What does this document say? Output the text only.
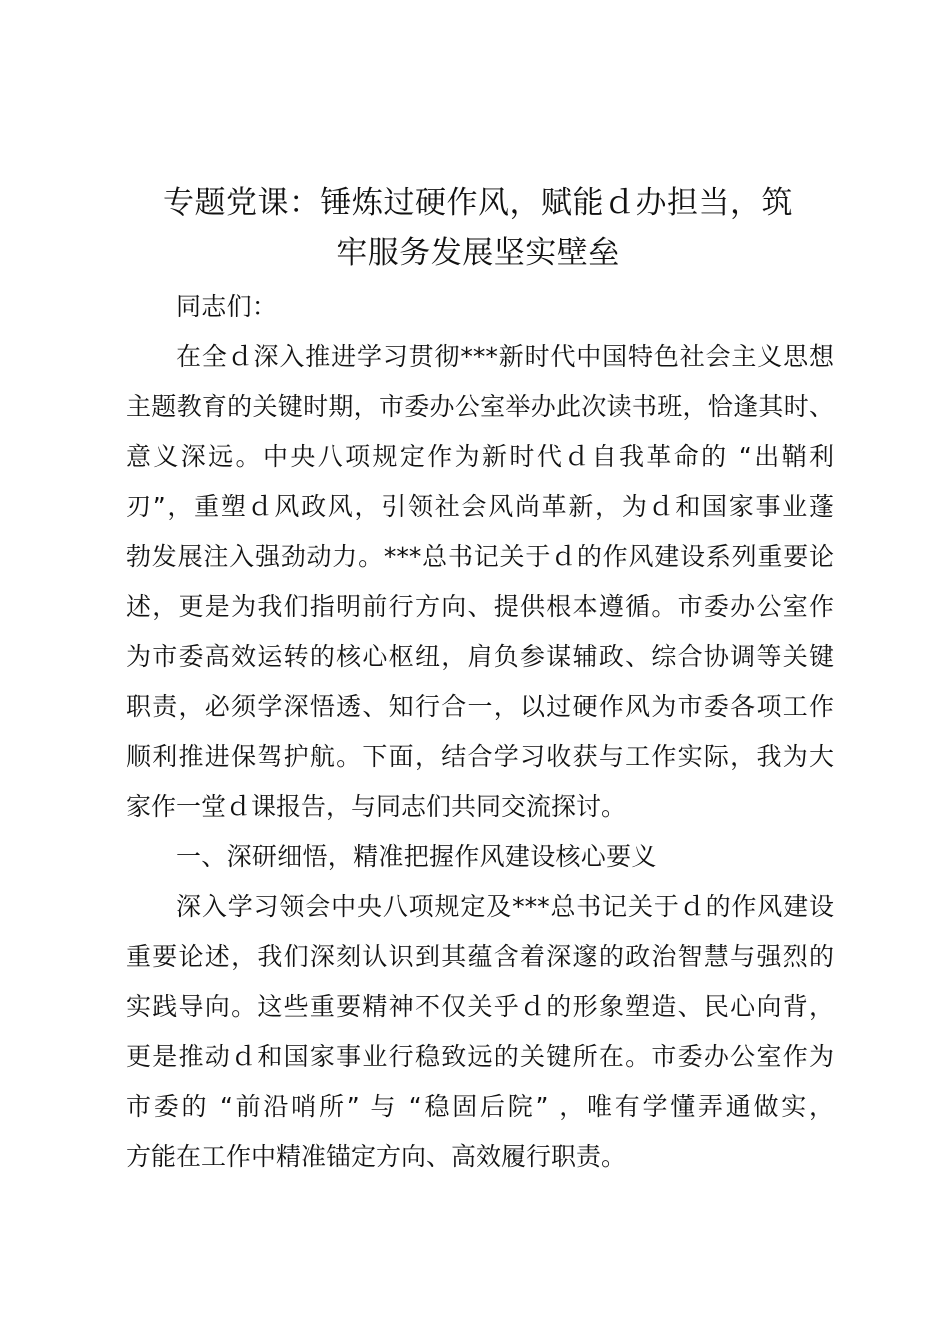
专题党课：锤炼过硬作风，赋能ｄ办担当，筑
牢服务发展坚实壁垒

同志们：

在全ｄ深入推进学习贯彻***新时代中国特色社会主义思想
主题教育的关键时期，市委办公室举办此次读书班，恰逢其时、
意义深远。中央八项规定作为新时代ｄ自我革命的 “出鞘利
刃”，重塑ｄ风政风，引领社会风尚革新，为ｄ和国家事业蓬
勃发展注入强劲动力。***总书记关于ｄ的作风建设系列重要论
述，更是为我们指明前行方向、提供根本遵循。市委办公室作
为市委高效运转的核心枢纽，肩负参谋辅政、综合协调等关键
职责，必须学深悟透、知行合一，以过硬作风为市委各项工作
顺利推进保驾护航。下面，结合学习收获与工作实际，我为大
家作一堂ｄ课报告，与同志们共同交流探讨。

一、深研细悟，精准把握作风建设核心要义

深入学习领会中央八项规定及***总书记关于ｄ的作风建设
重要论述，我们深刻认识到其蕴含着深邃的政治智慧与强烈的
实践导向。这些重要精神不仅关乎ｄ的形象塑造、民心向背，
更是推动ｄ和国家事业行稳致远的关键所在。市委办公室作为
市委的 “前沿哨所” 与 “稳固后院” ，唯有学懂弄通做实，
方能在工作中精准锚定方向、高效履行职责。
